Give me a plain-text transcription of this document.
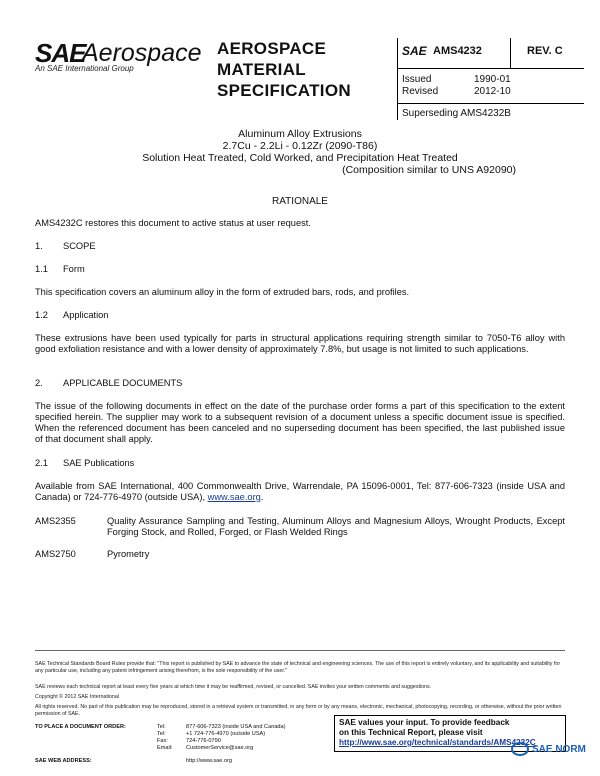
SAE
Aerospace
An SAE International Group
AEROSPACE
MATERIAL
SPECIFICATION
SAE AMS4232	REV. C
Issued	1990-01
Revised	2012-10
Superseding AMS4232B
Aluminum Alloy Extrusions
2.7Cu - 2.2Li - 0.12Zr (2090-T86)
Solution Heat Treated, Cold Worked, and Precipitation Heat Treated
(Composition similar to UNS A92090)
RATIONALE
AMS4232C restores this document to active status at user request.
1. SCOPE
1.1 Form
This specification covers an aluminum alloy in the form of extruded bars, rods, and profiles.
1.2 Application
These extrusions have been used typically for parts in structural applications requiring strength similar to 7050-T6 alloy with good exfoliation resistance and with a lower density of approximately 7.8%, but usage is not limited to such applications.
2. APPLICABLE DOCUMENTS
The issue of the following documents in effect on the date of the purchase order forms a part of this specification to the extent specified herein. The supplier may work to a subsequent revision of a document unless a specific document issue is specified. When the referenced document has been canceled and no superseding document has been specified, the last published issue of that document shall apply.
2.1 SAE Publications
Available from SAE International, 400 Commonwealth Drive, Warrendale, PA 15096-0001, Tel: 877-606-7323 (inside USA and Canada) or 724-776-4970 (outside USA), www.sae.org.
AMS2355	Quality Assurance Sampling and Testing, Aluminum Alloys and Magnesium Alloys, Wrought Products, Except Forging Stock, and Rolled, Forged, or Flash Welded Rings
AMS2750	Pyrometry
SAE Technical Standards Board Rules provide that: "This report is published by SAE to advance the state of technical and engineering sciences. The use of this report is entirely voluntary, and its applicability and suitability for any particular use, including any patent infringement arising therefrom, is the sole responsibility of the user."
SAE reviews each technical report at least every five years at which time it may be reaffirmed, revised, or cancelled. SAE invites your written comments and suggestions.
Copyright © 2012 SAE International
All rights reserved. No part of this publication may be reproduced, stored in a retrieval system or transmitted, in any form or by any means, electronic, mechanical, photocopying, recording, or otherwise, without the prior written permission of SAE.
TO PLACE A DOCUMENT ORDER:	Tel:	877-606-7323 (inside USA and Canada)
Tel:	+1 724-776-4970 (outside USA)
Fax:	724-776-0790
Email: CustomerService@sae.org
SAE WEB ADDRESS:	http://www.sae.org
SAE values your input. To provide feedback
on this Technical Report, please visit
http://www.sae.org/technical/standards/AMS4232C
SAE NORM
